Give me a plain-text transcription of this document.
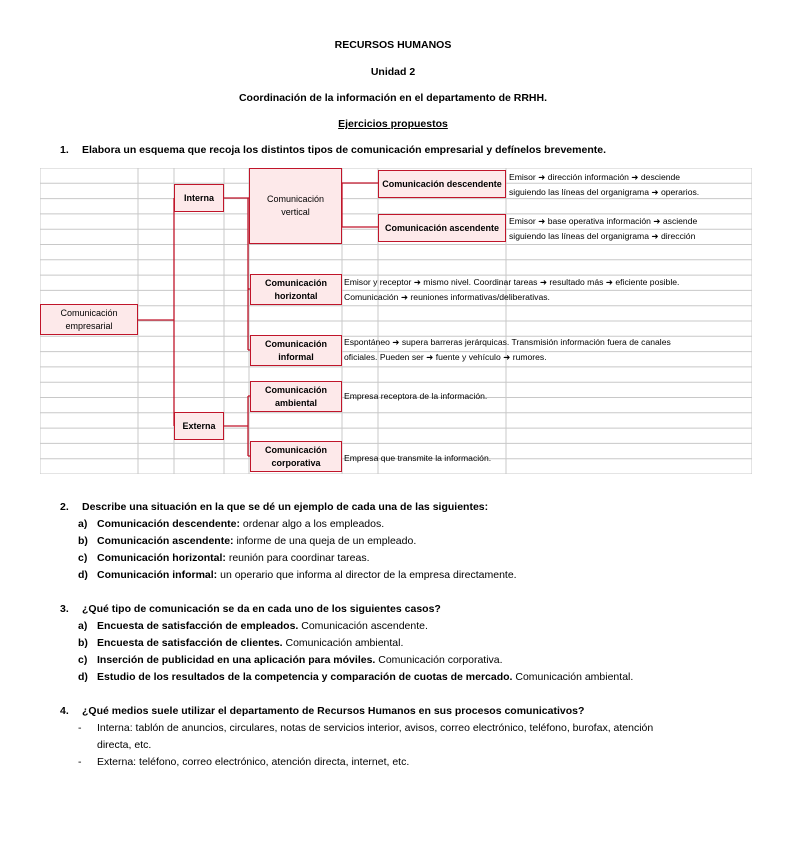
RECURSOS HUMANOS
Unidad 2
Coordinación de la información en el departamento de RRHH.
Ejercicios propuestos
1. Elabora un esquema que recoja los distintos tipos de comunicación empresarial y defínelos brevemente.
Comunicación empresarial
Interna
Externa
Comunicación vertical
Comunicación descendente
Comunicación ascendente
Comunicación horizontal
Comunicación informal
Comunicación ambiental
Comunicación corporativa
Emisor ➜ dirección información ➜ desciende
siguiendo las líneas del organigrama ➜ operarios.
Emisor ➜ base operativa información ➜ asciende
siguiendo las líneas del organigrama ➜ dirección
Emisor y receptor ➜ mismo nivel. Coordinar tareas ➜ resultado más ➜ eficiente posible.
Comunicación ➜ reuniones informativas/deliberativas.
Espontáneo ➜ supera barreras jerárquicas. Transmisión información fuera de canales
oficiales. Pueden ser ➜ fuente y vehículo ➜ rumores.
Empresa receptora de la información.
Empresa que transmite la información.
2. Describe una situación en la que se dé un ejemplo de cada una de las siguientes:
a) Comunicación descendente: ordenar algo a los empleados.
b) Comunicación ascendente: informe de una queja de un empleado.
c) Comunicación horizontal: reunión para coordinar tareas.
d) Comunicación informal: un operario que informa al director de la empresa directamente.
3. ¿Qué tipo de comunicación se da en cada uno de los siguientes casos?
a) Encuesta de satisfacción de empleados. Comunicación ascendente.
b) Encuesta de satisfacción de clientes. Comunicación ambiental.
c) Inserción de publicidad en una aplicación para móviles. Comunicación corporativa.
d) Estudio de los resultados de la competencia y comparación de cuotas de mercado. Comunicación ambiental.
4. ¿Qué medios suele utilizar el departamento de Recursos Humanos en sus procesos comunicativos?
- Interna: tablón de anuncios, circulares, notas de servicios interior, avisos, correo electrónico, teléfono, burofax, atención
directa, etc.
- Externa: teléfono, correo electrónico, atención directa, internet, etc.
